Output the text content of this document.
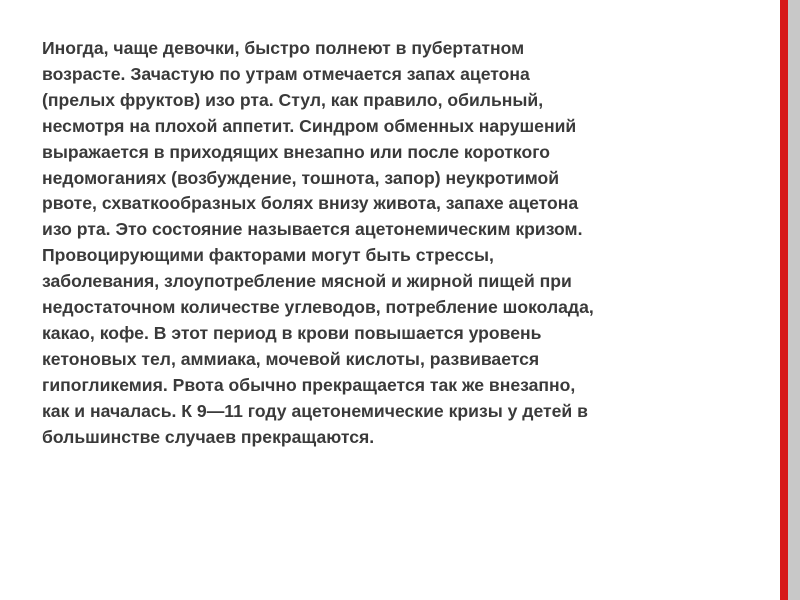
Иногда, чаще девочки, быстро полнеют в пубертатном
возрасте. Зачастую по утрам отмечается запах ацетона
(прелых фруктов) изо рта. Стул, как правило, обильный,
несмотря на плохой аппетит. Синдром обменных нарушений
выражается в приходящих внезапно или после короткого
недомоганиях (возбуждение, тошнота, запор) неукротимой
рвоте, схваткообразных болях внизу живота, запахе ацетона
изо рта. Это состояние называется ацетонемическим кризом.
Провоцирующими факторами могут быть стрессы,
заболевания, злоупотребление мясной и жирной пищей при
недостаточном количестве углеводов, потребление шоколада,
какао, кофе. В этот период в крови повышается уровень
кетоновых тел, аммиака, мочевой кислоты, развивается
гипогликемия. Рвота обычно прекращается так же внезапно,
как и началась. К 9—11 году ацетонемические кризы у детей в
большинстве случаев прекращаются.
